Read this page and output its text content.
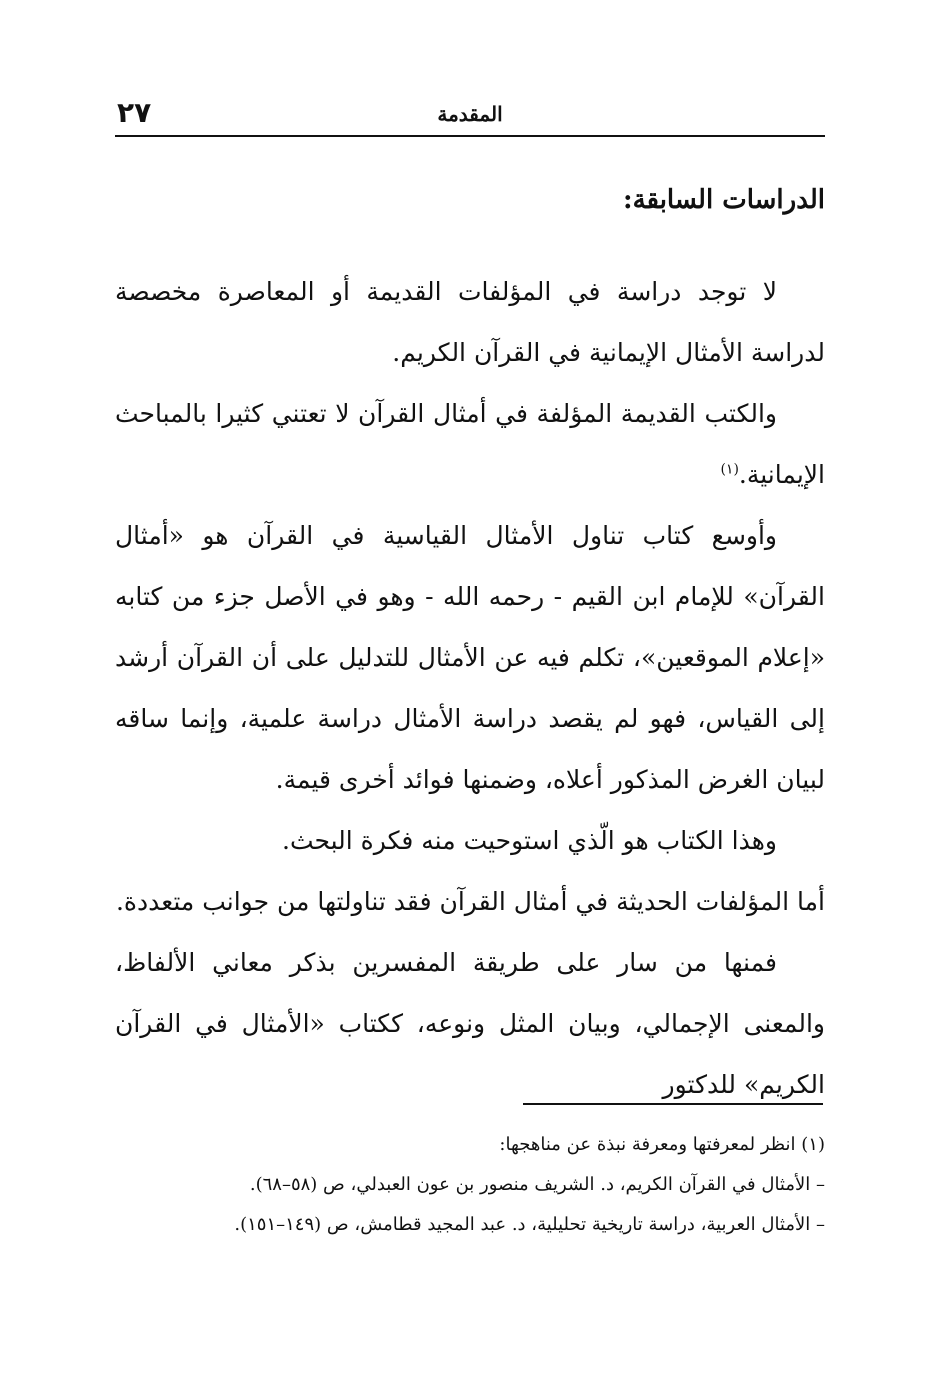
٢٧	المقدمة
الدراسات السابقة:

لا توجد دراسة في المؤلفات القديمة أو المعاصرة مخصصة لدراسة الأمثال الإيمانية في القرآن الكريم.

والكتب القديمة المؤلفة في أمثال القرآن لا تعتني كثيرا بالمباحث الإيمانية.$^{(١)}$

وأوسع كتاب تناول الأمثال القياسية في القرآن هو «أمثال القرآن» للإمام ابن القيم - رحمه الله - وهو في الأصل جزء من كتابه «إعلام الموقعين»، تكلم فيه عن الأمثال للتدليل على أن القرآن أرشد إلى القياس، فهو لم يقصد دراسة الأمثال دراسة علمية، وإنما ساقه لبيان الغرض المذكور أعلاه، وضمنها فوائد أخرى قيمة.

وهذا الكتاب هو الّذي استوحيت منه فكرة البحث.

أما المؤلفات الحديثة في أمثال القرآن فقد تناولتها من جوانب متعددة.

فمنها من سار على طريقة المفسرين بذكر معاني الألفاظ، والمعنى الإجمالي، وبيان المثل ونوعه، ككتاب «الأمثال في القرآن الكريم» للدكتور

(١) انظر لمعرفتها ومعرفة نبذة عن مناهجها:

– الأمثال في القرآن الكريم، د. الشريف منصور بن عون العبدلي، ص (٥٨–٦٨).

– الأمثال العربية، دراسة تاريخية تحليلية، د. عبد المجيد قطامش، ص (١٤٩–١٥١).
